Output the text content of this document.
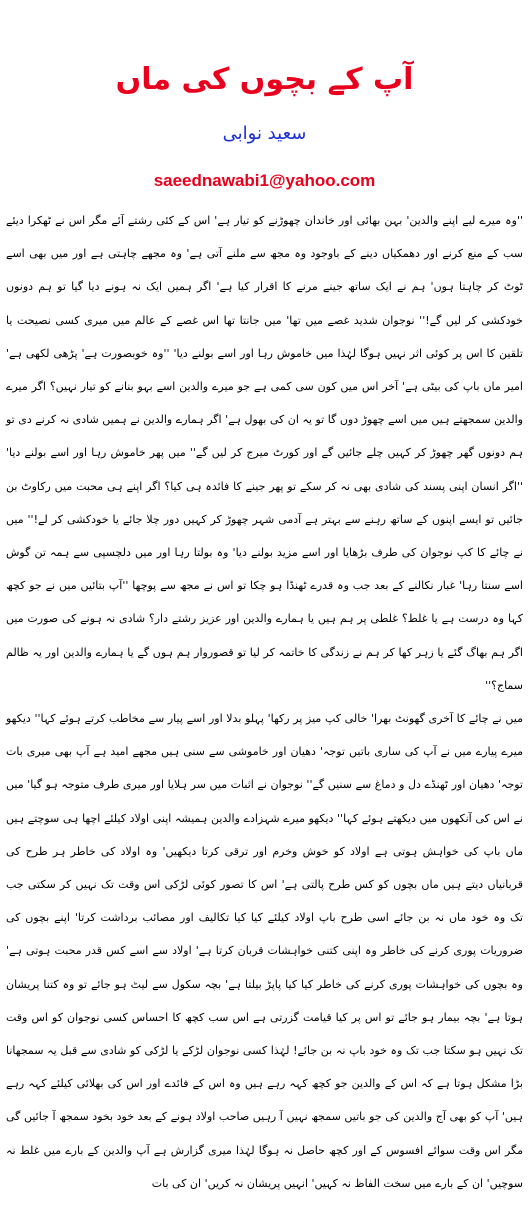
آپ کے بچوں کی ماں
سعید نوابی
saeednawabi1@yahoo.com

''وہ میرے لیے اپنے والدین' بہن بھائی اور خاندان چھوڑنے کو تیار ہے' اس کے کئی رشتے آئے مگر اس نے ٹھکرا دیئے سب کے منع کرنے اور دھمکیاں دینے کے باوجود وہ مجھ سے ملنے آتی ہے' وہ مجھے چاہتی ہے اور میں بھی اسے ٹوٹ کر چاہتا ہوں' ہم نے ایک ساتھ جینے مرنے کا اقرار کیا ہے' اگر ہمیں ایک نہ ہونے دیا گیا تو ہم دونوں خودکشی کر لیں گے!'' نوجوان شدید غصے میں تھا' میں جانتا تھا اس غصے کے عالم میں میری کسی نصیحت یا تلقین کا اس پر کوئی اثر نہیں ہوگا لہٰذا میں خاموش رہا اور اسے بولنے دیا' ''وہ خوبصورت ہے' پڑھی لکھی ہے' امیر ماں باپ کی بیٹی ہے' آخر اس میں کون سی کمی ہے جو میرے والدین اسے بہو بنانے کو تیار نہیں؟ اگر میرے والدین سمجھتے ہیں میں اسے چھوڑ دوں گا تو یہ ان کی بھول ہے' اگر ہمارے والدین نے ہمیں شادی نہ کرنے دی تو ہم دونوں گھر چھوڑ کر کہیں چلے جائیں گے اور کورٹ میرج کر لیں گے'' میں پھر خاموش رہا اور اسے بولنے دیا' ''اگر انسان اپنی پسند کی شادی بھی نہ کر سکے تو پھر جینے کا فائدہ ہی کیا؟ اگر اپنے ہی محبت میں رکاوٹ بن جائیں تو ایسے اپنوں کے ساتھ رہنے سے بہتر ہے آدمی شہر چھوڑ کر کہیں دور چلا جائے یا خودکشی کر لے!'' میں نے چائے کا کپ نوجوان کی طرف بڑھایا اور اسے مزید بولنے دیا' وہ بولتا رہا اور میں دلچسپی سے ہمہ تن گوش اسے سنتا رہا' غبار نکالنے کے بعد جب وہ قدرے ٹھنڈا ہو چکا تو اس نے مجھ سے پوچھا ''آپ بتائیں میں نے جو کچھ کہا وہ درست ہے یا غلط؟ غلطی پر ہم ہیں یا ہمارے والدین اور عزیز رشتے دار؟ شادی نہ ہونے کی صورت میں اگر ہم بھاگ گئے یا زہر کھا کر ہم نے زندگی کا خاتمہ کر لیا تو قصوروار ہم ہوں گے یا ہمارے والدین اور یہ ظالم سماج؟''

میں نے چائے کا آخری گھونٹ بھرا' خالی کپ میز پر رکھا' پہلو بدلا اور اسے پیار سے مخاطب کرتے ہوئے کہا'' دیکھو میرے پیارے میں نے آپ کی ساری باتیں توجہ' دھیان اور خاموشی سے سنی ہیں مجھے امید ہے آپ بھی میری بات توجہ' دھیان اور ٹھنڈے دل و دماغ سے سنیں گے'' نوجوان نے اثبات میں سر ہلایا اور میری طرف متوجہ ہو گیا' میں نے اس کی آنکھوں میں دیکھتے ہوئے کہا'' دیکھو میرے شہزادے والدین ہمیشہ اپنی اولاد کیلئے اچھا ہی سوچتے ہیں ماں باپ کی خواہش ہوتی ہے اولاد کو خوش وخرم اور ترقی کرتا دیکھیں' وہ اولاد کی خاطر ہر طرح کی قربانیاں دیتے ہیں ماں بچوں کو کس طرح پالتی ہے' اس کا تصور کوئی لڑکی اس وقت تک نہیں کر سکتی جب تک وہ خود ماں نہ بن جائے اسی طرح باپ اولاد کیلئے کیا کیا تکالیف اور مصائب برداشت کرتا' اپنے بچوں کی ضروریات پوری کرنے کی خاطر وہ اپنی کتنی خواہشات قربان کرتا ہے' اولاد سے اسے کس قدر محبت ہوتی ہے' وہ بچوں کی خواہشات پوری کرنے کی خاطر کیا کیا پاپڑ بیلتا ہے' بچہ سکول سے لیٹ ہو جائے تو وہ کتنا پریشان ہوتا ہے' بچہ بیمار ہو جائے تو اس پر کیا قیامت گزرتی ہے اس سب کچھ کا احساس کسی نوجوان کو اس وقت تک نہیں ہو سکتا جب تک وہ خود باپ نہ بن جائے! لہٰذا کسی نوجوان لڑکے یا لڑکی کو شادی سے قبل یہ سمجھانا بڑا مشکل ہوتا ہے کہ اس کے والدین جو کچھ کہہ رہے ہیں وہ اس کے فائدے اور اس کی بھلائی کیلئے کہہ رہے ہیں' آپ کو بھی آج والدین کی جو باتیں سمجھ نہیں آ رہیں صاحب اولاد ہونے کے بعد خود بخود سمجھ آ جائیں گی مگر اس وقت سوائے افسوس کے اور کچھ حاصل نہ ہوگا لہٰذا میری گزارش ہے آپ والدین کے بارے میں غلط نہ سوچیں' ان کے بارے میں سخت الفاظ نہ کہیں' انہیں پریشان نہ کریں' ان کی بات
